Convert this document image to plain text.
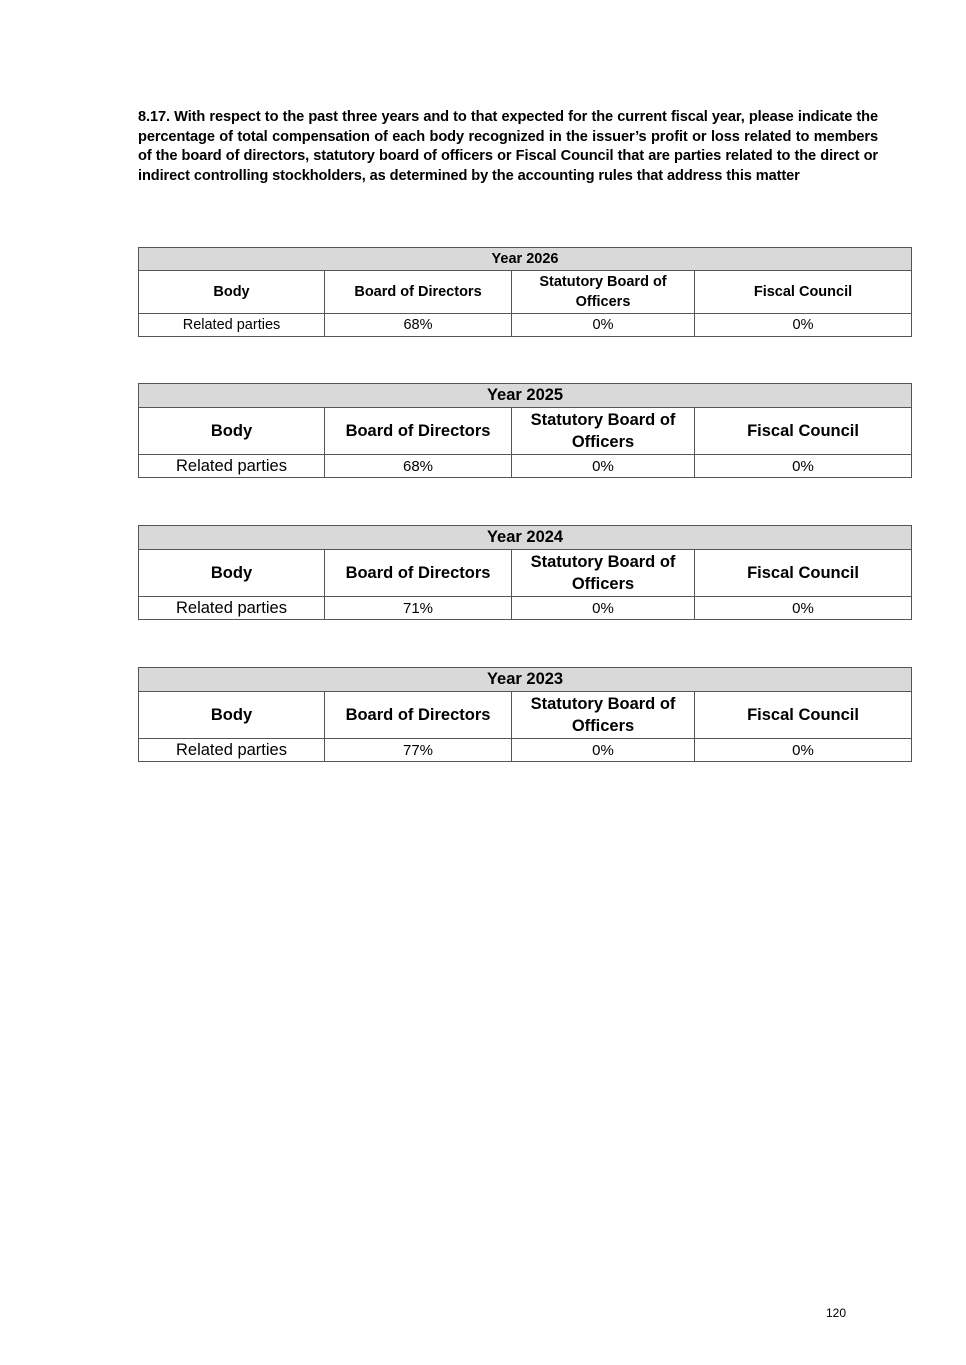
8.17. With respect to the past three years and to that expected for the current fiscal year, please indicate the percentage of total compensation of each body recognized in the issuer’s profit or loss related to members of the board of directors, statutory board of officers or Fiscal Council that are parties related to the direct or indirect controlling stockholders, as determined by the accounting rules that address this matter
Year 2026			
Body	Board of Directors	Statutory Board of Officers	Fiscal Council
Related parties	68%	0%	0%
Year 2025			
Body	Board of Directors	Statutory Board of Officers	Fiscal Council
Related parties	68%	0%	0%
Year 2024			
Body	Board of Directors	Statutory Board of Officers	Fiscal Council
Related parties	71%	0%	0%
Year 2023			
Body	Board of Directors	Statutory Board of Officers	Fiscal Council
Related parties	77%	0%	0%
120
